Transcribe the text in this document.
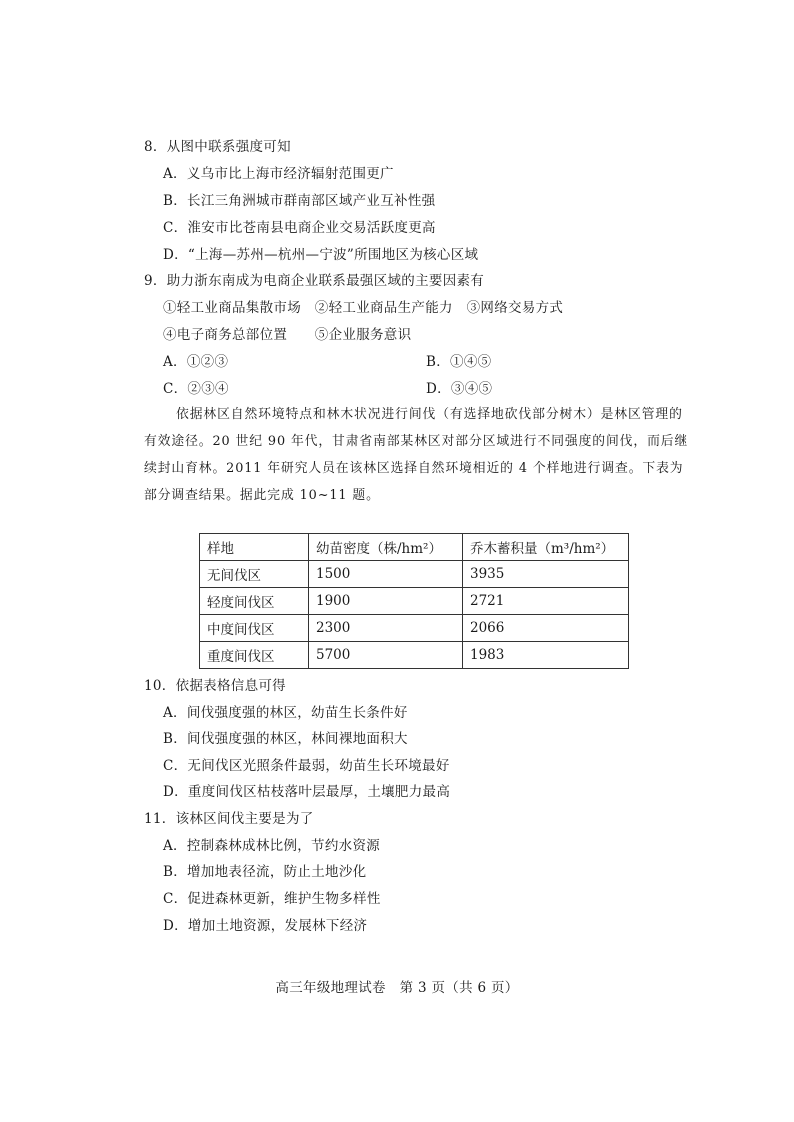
8．从图中联系强度可知
A．义乌市比上海市经济辐射范围更广
B．长江三角洲城市群南部区域产业互补性强
C．淮安市比苍南县电商企业交易活跃度更高
D．“上海—苏州—杭州—宁波”所围地区为核心区域
9．助力浙东南成为电商企业联系最强区域的主要因素有
①轻工业商品集散市场　②轻工业商品生产能力　③网络交易方式
④电子商务总部位置　　⑤企业服务意识
A．①②③	B．①④⑤
C．②③④	D．③④⑤
依据林区自然环境特点和林木状况进行间伐（有选择地砍伐部分树木）是林区管理的
有效途径。20 世纪 90 年代，甘肃省南部某林区对部分区域进行不同强度的间伐，而后继
续封山育林。2011 年研究人员在该林区选择自然环境相近的 4 个样地进行调查。下表为
部分调查结果。据此完成 10~11 题。
样地	幼苗密度（株/hm²）	乔木蓄积量（m³/hm²）
无间伐区	1500	3935
轻度间伐区	1900	2721
中度间伐区	2300	2066
重度间伐区	5700	1983
10．依据表格信息可得
A．间伐强度强的林区，幼苗生长条件好
B．间伐强度强的林区，林间裸地面积大
C．无间伐区光照条件最弱，幼苗生长环境最好
D．重度间伐区枯枝落叶层最厚，土壤肥力最高
11．该林区间伐主要是为了
A．控制森林成林比例，节约水资源
B．增加地表径流，防止土地沙化
C．促进森林更新，维护生物多样性
D．增加土地资源，发展林下经济
高三年级地理试卷　第 3 页（共 6 页）
